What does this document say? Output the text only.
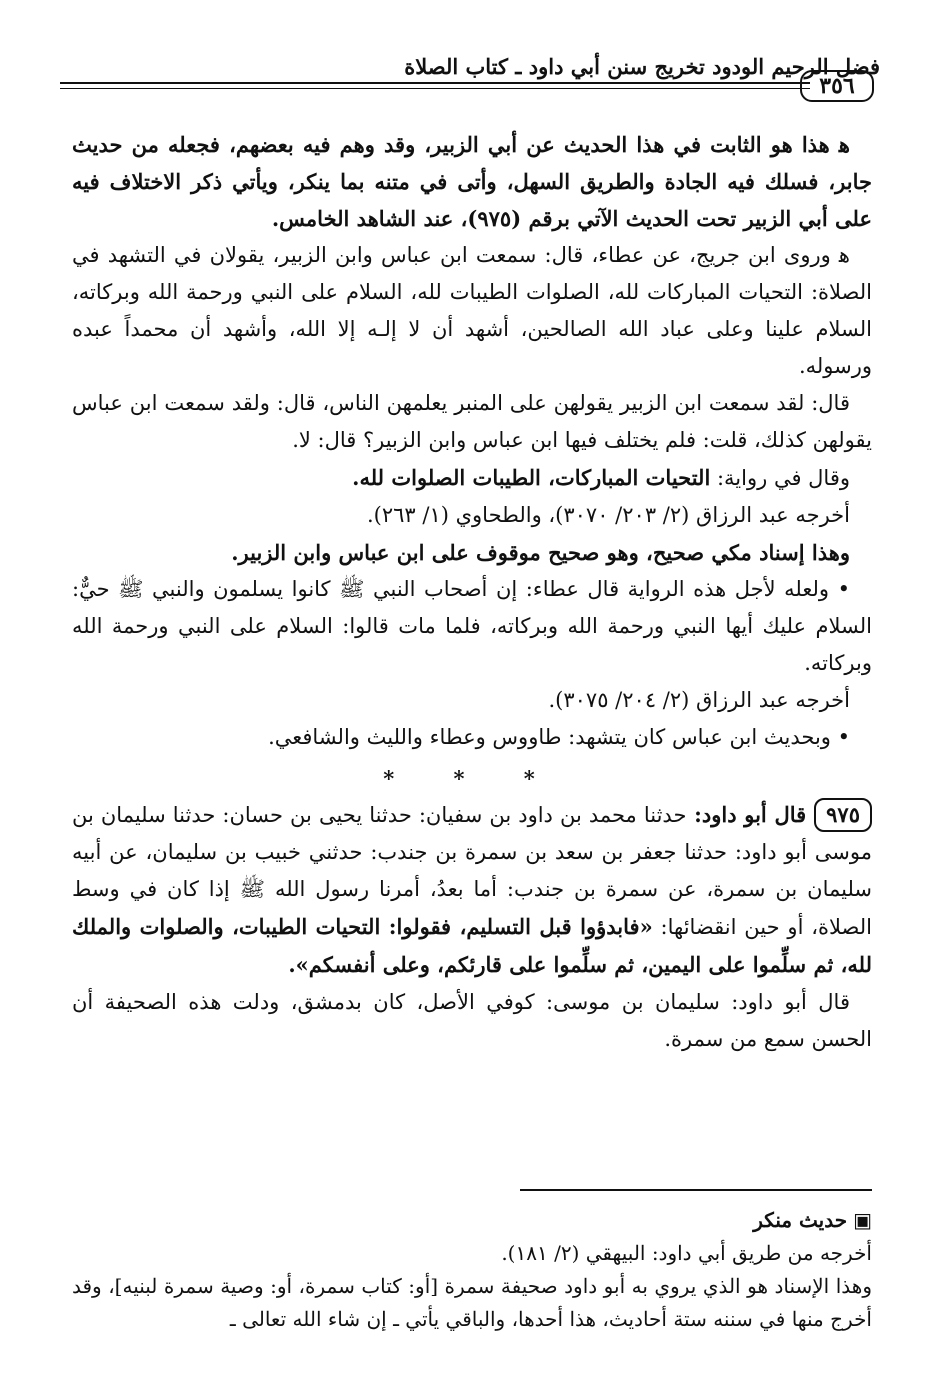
فضل الرحيم الودود تخريج سنن أبي داود ـ كتاب الصلاة
٣٥٦

ﻫ هذا هو الثابت في هذا الحديث عن أبي الزبير، وقد وهم فيه بعضهم، فجعله من حديث جابر، فسلك فيه الجادة والطريق السهل، وأتى في متنه بما ينكر، ويأتي ذكر الاختلاف فيه على أبي الزبير تحت الحديث الآتي برقم (٩٧٥)، عند الشاهد الخامس.

ﻫ وروى ابن جريج، عن عطاء، قال: سمعت ابن عباس وابن الزبير، يقولان في التشهد في الصلاة: التحيات المباركات لله، الصلوات الطيبات لله، السلام على النبي ورحمة الله وبركاته، السلام علينا وعلى عباد الله الصالحين، أشهد أن لا إلـه إلا الله، وأشهد أن محمداً عبده ورسوله.

قال: لقد سمعت ابن الزبير يقولهن على المنبر يعلمهن الناس، قال: ولقد سمعت ابن عباس يقولهن كذلك، قلت: فلم يختلف فيها ابن عباس وابن الزبير؟ قال: لا.

وقال في رواية: التحيات المباركات، الطيبات الصلوات لله.

أخرجه عبد الرزاق (٢/ ٢٠٣/ ٣٠٧٠)، والطحاوي (١/ ٢٦٣).

وهذا إسناد مكي صحيح، وهو صحيح موقوف على ابن عباس وابن الزبير.

• ولعله لأجل هذه الرواية قال عطاء: إن أصحاب النبي ﷺ كانوا يسلمون والنبي ﷺ حيٌّ: السلام عليك أيها النبي ورحمة الله وبركاته، فلما مات قالوا: السلام على النبي ورحمة الله وبركاته.

أخرجه عبد الرزاق (٢/ ٢٠٤/ ٣٠٧٥).

• وبحديث ابن عباس كان يتشهد: طاووس وعطاء والليث والشافعي.

* * *

٩٧٥قال أبو داود: حدثنا محمد بن داود بن سفيان: حدثنا يحيى بن حسان: حدثنا سليمان بن موسى أبو داود: حدثنا جعفر بن سعد بن سمرة بن جندب: حدثني خبيب بن سليمان، عن أبيه سليمان بن سمرة، عن سمرة بن جندب: أما بعدُ، أمرنا رسول الله ﷺ إذا كان في وسط الصلاة، أو حين انقضائها: «فابدؤوا قبل التسليم، فقولوا: التحيات الطيبات، والصلوات والملك لله، ثم سلِّموا على اليمين، ثم سلِّموا على قارئكم، وعلى أنفسكم».

قال أبو داود: سليمان بن موسى: كوفي الأصل، كان بدمشق، ودلت هذه الصحيفة أن الحسن سمع من سمرة.

▣حديث منكر

أخرجه من طريق أبي داود: البيهقي (٢/ ١٨١).

وهذا الإسناد هو الذي يروي به أبو داود صحيفة سمرة [أو: كتاب سمرة، أو: وصية سمرة لبنيه]، وقد أخرج منها في سننه ستة أحاديث، هذا أحدها، والباقي يأتي ـ إن شاء الله تعالى ـ
